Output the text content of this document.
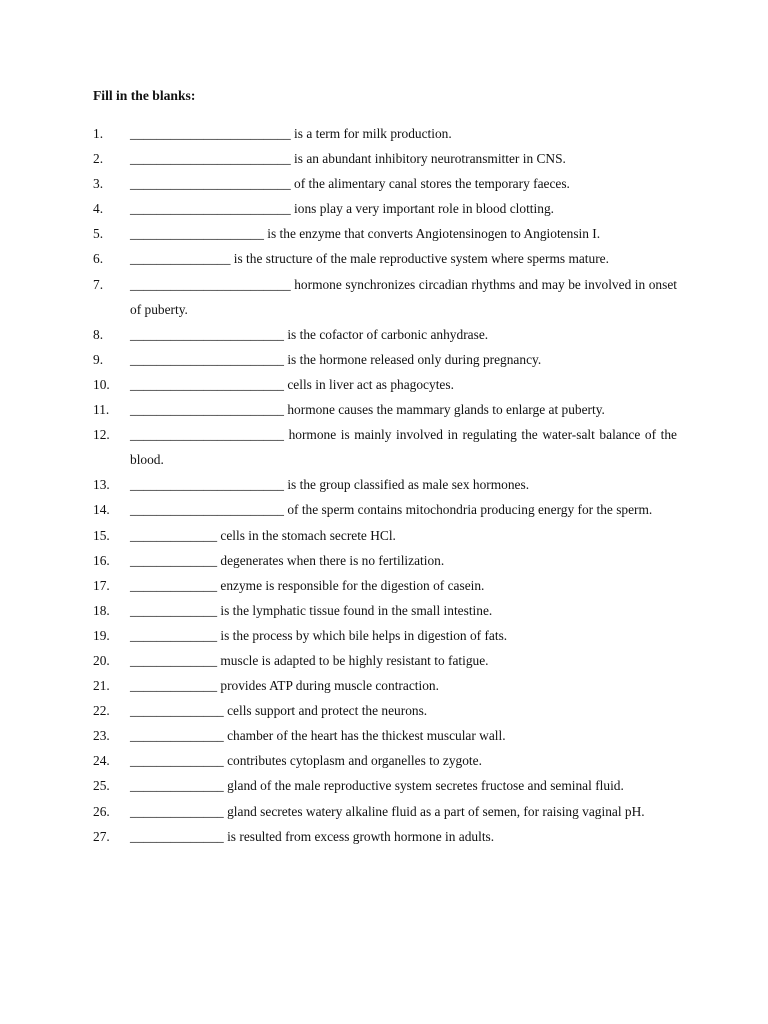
Fill in the blanks:
1.	________________________ is a term for milk production.
2.	________________________ is an abundant inhibitory neurotransmitter in CNS.
3.	________________________ of the alimentary canal stores the temporary faeces.
4.	________________________ ions play a very important role in blood clotting.
5.	____________________ is the enzyme that converts Angiotensinogen to Angiotensin I.
6.	_______________ is the structure of the male reproductive system where sperms mature.
7.	________________________ hormone synchronizes circadian rhythms and may be involved in onset of puberty.
8.	_______________________ is the cofactor of carbonic anhydrase.
9.	_______________________ is the hormone released only during pregnancy.
10.	_______________________ cells in liver act as phagocytes.
11.	_______________________ hormone causes the mammary glands to enlarge at puberty.
12.	_______________________ hormone is mainly involved in regulating the water-salt balance of the blood.
13.	_______________________ is the group classified as male sex hormones.
14.	_______________________ of the sperm contains mitochondria producing energy for the sperm.
15.	_____________ cells in the stomach secrete HCl.
16.	_____________ degenerates when there is no fertilization.
17.	_____________ enzyme is responsible for the digestion of casein.
18.	_____________ is the lymphatic tissue found in the small intestine.
19.	_____________ is the process by which bile helps in digestion of fats.
20.	_____________ muscle is adapted to be highly resistant to fatigue.
21.	_____________ provides ATP during muscle contraction.
22.	______________ cells support and protect the neurons.
23.	______________ chamber of the heart has the thickest muscular wall.
24.	______________ contributes cytoplasm and organelles to zygote.
25.	______________ gland of the male reproductive system secretes fructose and seminal fluid.
26.	______________ gland secretes watery alkaline fluid as a part of semen, for raising vaginal pH.
27.	______________ is resulted from excess growth hormone in adults.
